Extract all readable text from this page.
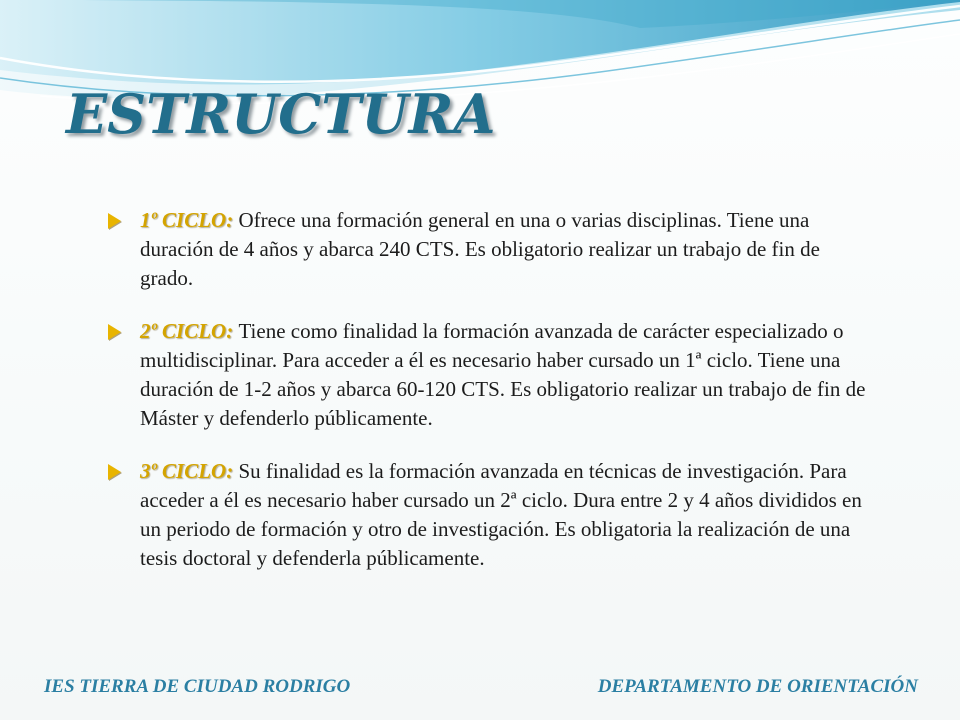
ESTRUCTURA
1º CICLO: Ofrece una formación general en una o varias disciplinas. Tiene una duración de 4 años y abarca 240 CTS. Es obligatorio realizar un trabajo de fin de grado.
2º CICLO: Tiene como finalidad la formación avanzada de carácter especializado o multidisciplinar. Para acceder a él es necesario haber cursado un 1ª ciclo. Tiene una duración de 1-2 años y abarca 60-120 CTS. Es obligatorio realizar un trabajo de fin de Máster y defenderlo públicamente.
3º CICLO: Su finalidad es la formación avanzada en técnicas de investigación. Para acceder a él es necesario haber cursado un 2ª ciclo. Dura entre 2 y 4 años divididos en un periodo de formación y otro de investigación. Es obligatoria la realización de una tesis doctoral y defenderla públicamente.

IES TIERRA DE CIUDAD RODRIGO	DEPARTAMENTO DE ORIENTACIÓN
